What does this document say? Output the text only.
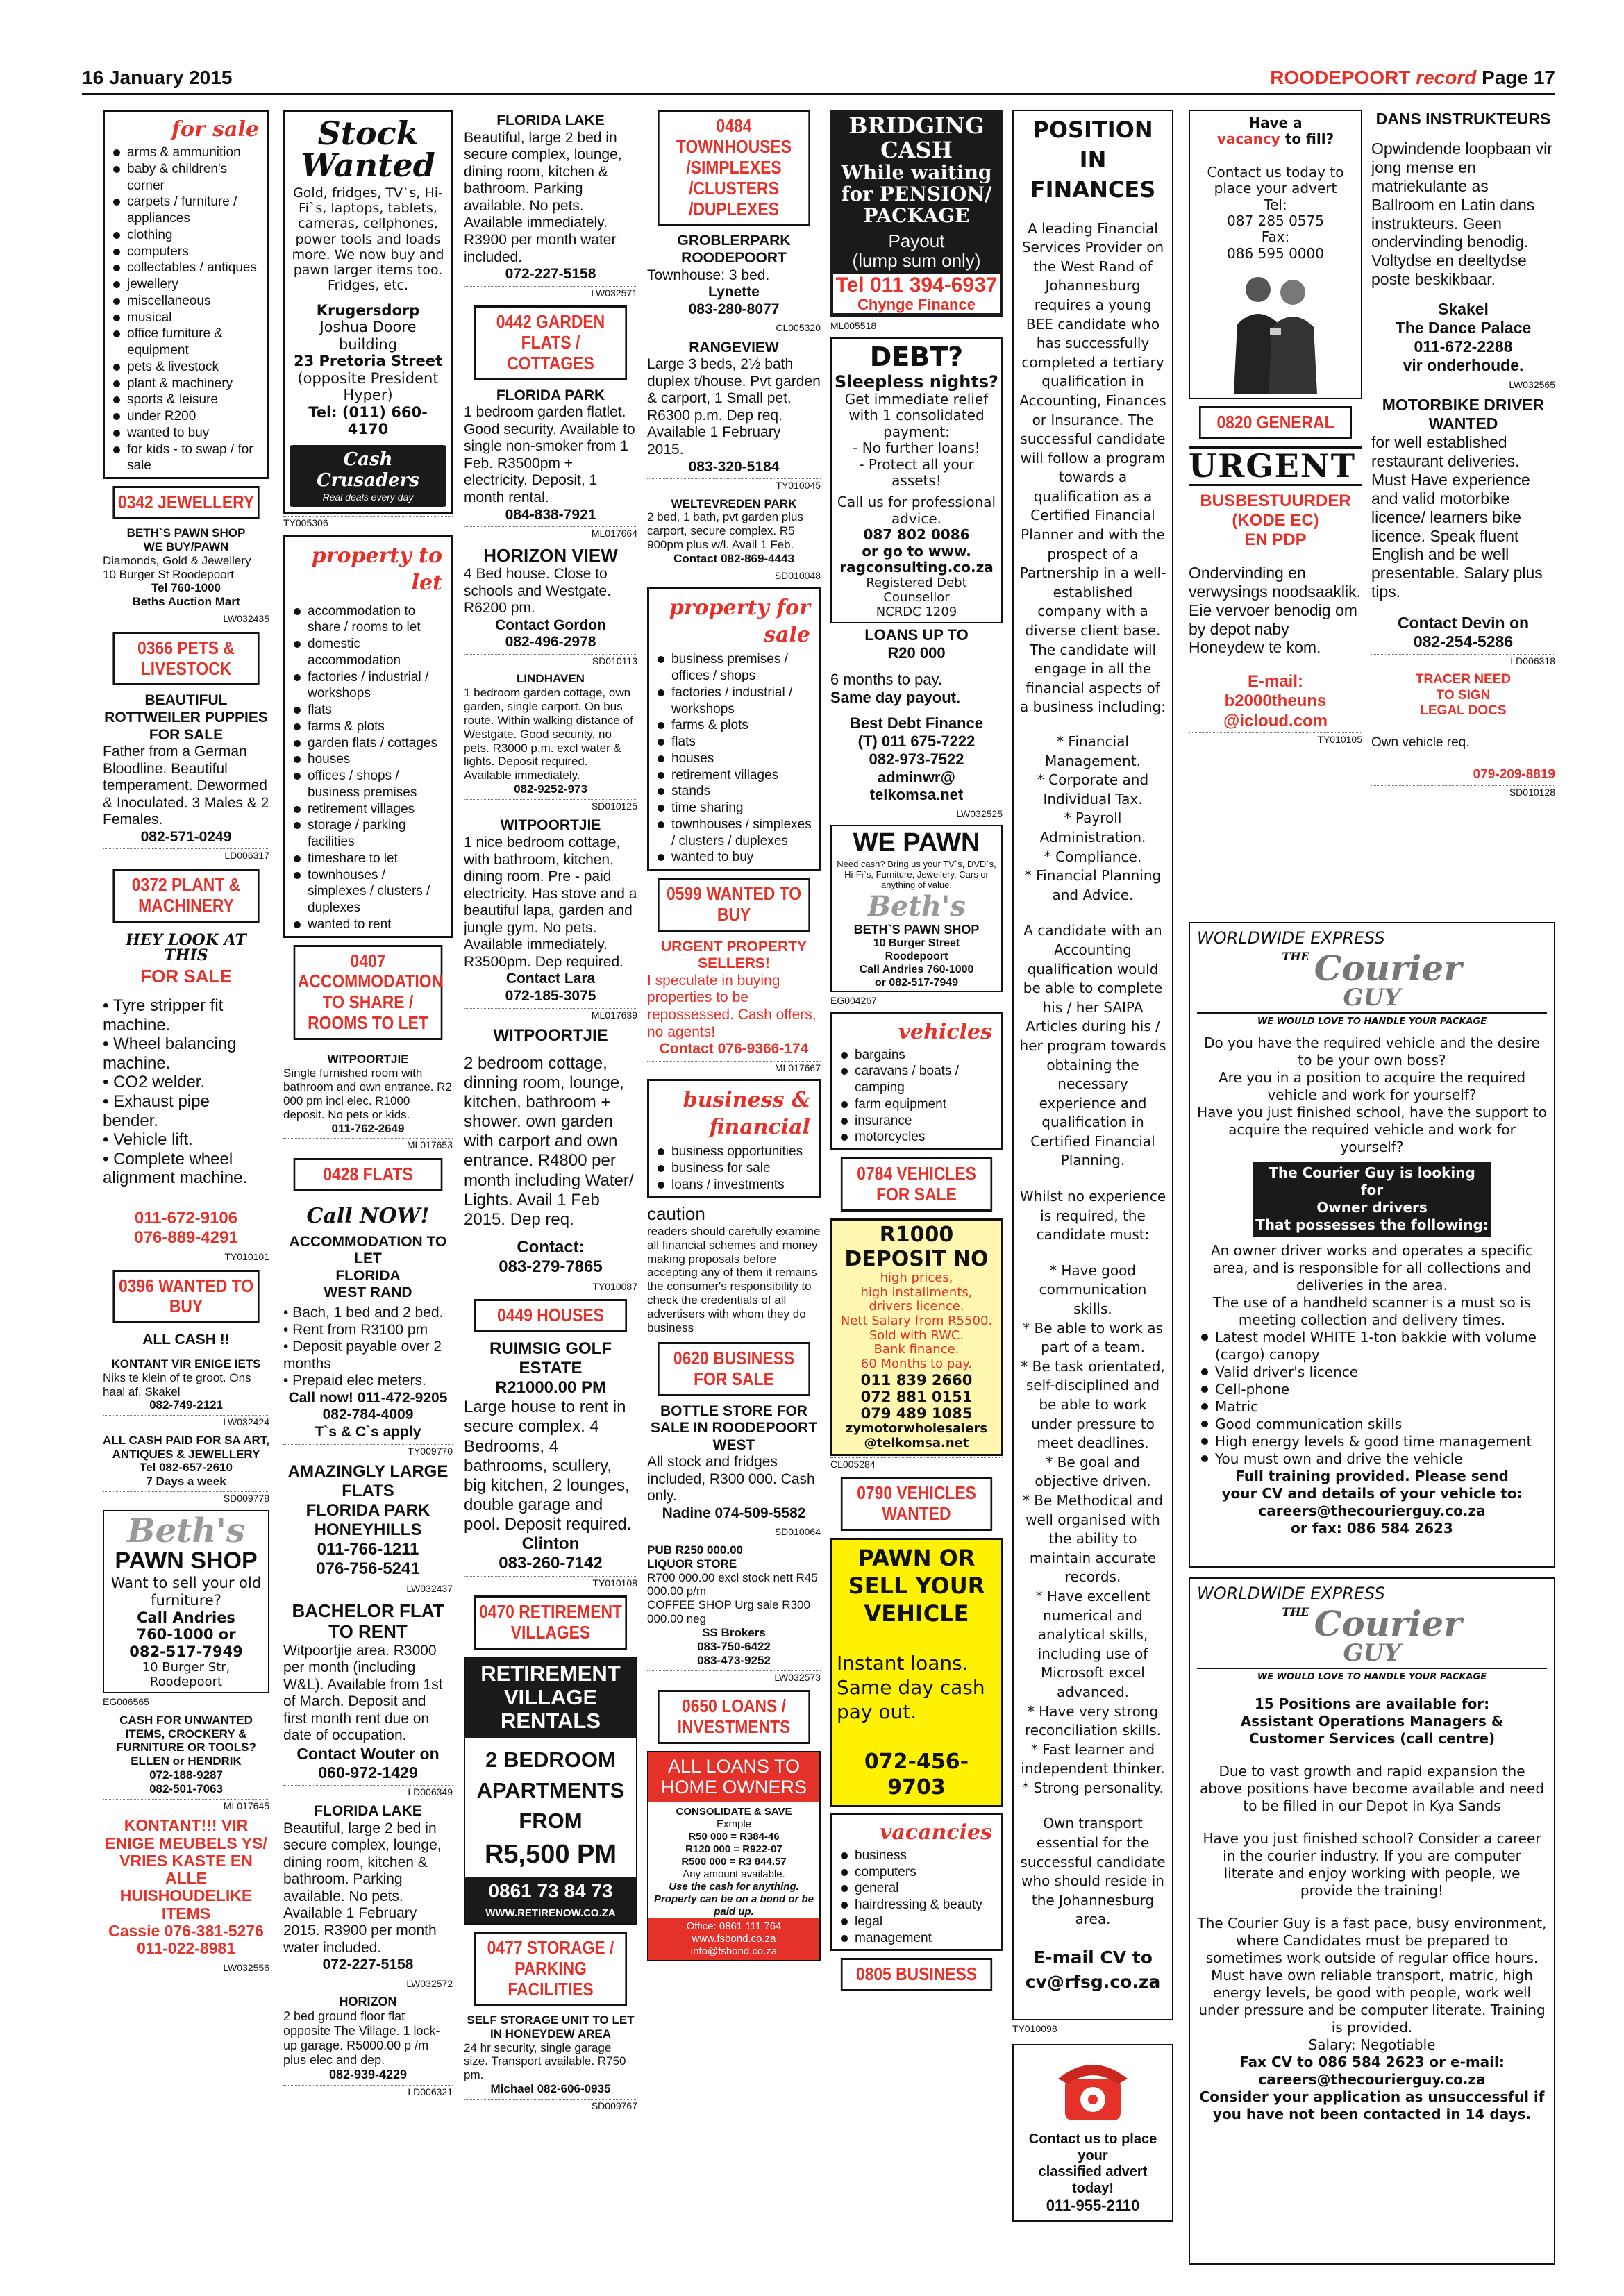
16 January 2015	ROODEPOORT record Page 17
for sale
arms & ammunition
baby & children's corner
carpets / furniture / appliances
clothing
computers
collectables / antiques
jewellery
miscellaneous
musical
office furniture & equipment
pets & livestock
plant & machinery
sports & leisure
under R200
wanted to buy
for kids - to swap / for sale
0342 JEWELLERY
BETH`S PAWN SHOP
WE BUY/PAWN
Diamonds, Gold & Jewellery
10 Burger St Roodepoort
Tel 760-1000
Beths Auction Mart
LW032435
0366 PETS & LIVESTOCK
BEAUTIFUL ROTTWEILER PUPPIES FOR SALE
Father from a German Bloodline. Beautiful temperament. Dewormed & Inoculated. 3 Males & 2 Females.
082-571-0249
LD006317
0372 PLANT & MACHINERY
HEY LOOK AT THIS
FOR SALE
• Tyre stripper fit machine.
• Wheel balancing machine.
• CO2 welder.
• Exhaust pipe bender.
• Vehicle lift.
• Complete wheel alignment machine.
011-672-9106
076-889-4291
TY010101
0396 WANTED TO BUY
ALL CASH !!
KONTANT VIR ENIGE IETS
Niks te klein of te groot. Ons haal af. Skakel
082-749-2121
LW032424
ALL CASH PAID FOR SA ART, ANTIQUES & JEWELLERY
Tel 082-657-2610
7 Days a week
SD009778
Beth's
PAWN SHOP
Want to sell your old furniture?
Call Andries
760-1000 or
082-517-7949
10 Burger Str, Roodepoort
EG006565
CASH FOR UNWANTED ITEMS, CROCKERY & FURNITURE OR TOOLS?
ELLEN or HENDRIK
072-188-9287
082-501-7063
ML017645
KONTANT!!! VIR ENIGE MEUBELS YS/ VRIES KASTE EN ALLE HUISHOUDELIKE ITEMS
Cassie 076-381-5276
011-022-8981
LW032556
Stock
Wanted
Gold, fridges, TV`s, Hi-Fi`s, laptops, tablets, cameras, cellphones, power tools and loads more. We now buy and pawn larger items too. Fridges, etc.
Krugersdorp
Joshua Doore building
23 Pretoria Street
(opposite President Hyper)
Tel: (011) 660-4170
Cash Crusaders
Real deals every day
TY005306
property to let
accommodation to share / rooms to let
domestic accommodation
factories / industrial / workshops
flats
farms & plots
garden flats / cottages
houses
offices / shops / business premises
retirement villages
storage / parking facilities
timeshare to let
townhouses / simplexes / clusters / duplexes
wanted to rent
0407 ACCOMMODATION TO SHARE / ROOMS TO LET
WITPOORTJIE
Single furnished room with bathroom and own entrance. R2 000 pm incl elec. R1000 deposit. No pets or kids.
011-762-2649
ML017653
0428 FLATS
Call NOW!
ACCOMMODATION TO LET
FLORIDA
WEST RAND
• Bach, 1 bed and 2 bed.
• Rent from R3100 pm
• Deposit payable over 2 months
• Prepaid elec meters.
Call now! 011-472-9205
082-784-4009
T`s & C`s apply
TY009770
AMAZINGLY LARGE FLATS
FLORIDA PARK
HONEYHILLS
011-766-1211
076-756-5241
LW032437
BACHELOR FLAT TO RENT
Witpoortjie area. R3000 per month (including W&L). Available from 1st of March. Deposit and first month rent due on date of occupation.
Contact Wouter on
060-972-1429
LD006349
FLORIDA LAKE
Beautiful, large 2 bed in secure complex, lounge, dining room, kitchen & bathroom. Parking available. No pets. Available 1 February 2015. R3900 per month water included.
072-227-5158
LW032572
HORIZON
2 bed ground floor flat opposite The Village. 1 lock-up garage. R5000.00 p /m plus elec and dep.
082-939-4229
LD006321
FLORIDA LAKE
Beautiful, large 2 bed in secure complex, lounge, dining room, kitchen & bathroom. Parking available. No pets. Available immediately. R3900 per month water included.
072-227-5158
LW032571
0442 GARDEN FLATS / COTTAGES
FLORIDA PARK
1 bedroom garden flatlet. Good security. Available to single non-smoker from 1 Feb. R3500pm + electricity. Deposit, 1 month rental.
084-838-7921
ML017664
HORIZON VIEW
4 Bed house. Close to schools and Westgate. R6200 pm.
Contact Gordon
082-496-2978
SD010113
LINDHAVEN
1 bedroom garden cottage, own garden, single carport. On bus route. Within walking distance of Westgate. Good security, no pets. R3000 p.m. excl water & lights. Deposit required. Available immediately.
082-9252-973
SD010125
WITPOORTJIE
1 nice bedroom cottage, with bathroom, kitchen, dining room. Pre - paid electricity. Has stove and a beautiful lapa, garden and jungle gym. No pets. Available immediately. R3500pm. Dep required.
Contact Lara
072-185-3075
ML017639
WITPOORTJIE
2 bedroom cottage, dinning room, lounge, kitchen, bathroom + shower. own garden with carport and own entrance. R4800 per month including Water/ Lights. Avail 1 Feb 2015. Dep req.
Contact:
083-279-7865
TY010087
0449 HOUSES
RUIMSIG GOLF ESTATE
R21000.00 PM
Large house to rent in secure complex. 4 Bedrooms, 4 bathrooms, scullery, big kitchen, 2 lounges, double garage and pool. Deposit required.
Clinton
083-260-7142
TY010108
0470 RETIREMENT VILLAGES
RETIREMENT VILLAGE RENTALS
2 BEDROOM
APARTMENTS
FROM
R5,500 PM
0861 73 84 73
WWW.RETIRENOW.CO.ZA
0477 STORAGE / PARKING FACILITIES
SELF STORAGE UNIT TO LET IN HONEYDEW AREA
24 hr security, single garage size. Transport available. R750 pm.
Michael 082-606-0935
SD009767
0484 TOWNHOUSES /SIMPLEXES /CLUSTERS /DUPLEXES
GROBLERPARK
ROODEPOORT
Townhouse: 3 bed.
Lynette
083-280-8077
CL005320
RANGEVIEW
Large 3 beds, 2½ bath duplex t/house. Pvt garden & carport, 1 Small pet. R6300 p.m. Dep req. Available 1 February 2015.
083-320-5184
TY010045
WELTEVREDEN PARK
2 bed, 1 bath, pvt garden plus carport, secure complex. R5 900pm plus w/l. Avail 1 Feb.
Contact 082-869-4443
SD010048
property for sale
business premises / offices / shops
factories / industrial / workshops
farms & plots
flats
houses
retirement villages
stands
time sharing
townhouses / simplexes / clusters / duplexes
wanted to buy
0599 WANTED TO BUY
URGENT PROPERTY SELLERS!
I speculate in buying properties to be repossessed. Cash offers, no agents!
Contact 076-9366-174
ML017667
business & financial
business opportunities
business for sale
loans / investments
caution
readers should carefully examine all financial schemes and money making proposals before accepting any of them it remains the consumer's responsibility to check the credentials of all advertisers with whom they do business
0620 BUSINESS FOR SALE
BOTTLE STORE FOR SALE IN ROODEPOORT WEST
All stock and fridges included, R300 000. Cash only.
Nadine 074-509-5582
SD010064
PUB R250 000.00
LIQUOR STORE
R700 000.00 excl stock nett R45 000.00 p/m
COFFEE SHOP Urg sale R300 000.00 neg
SS Brokers
083-750-6422
083-473-9252
LW032573
0650 LOANS / INVESTMENTS
ALL LOANS TO HOME OWNERS
CONSOLIDATE & SAVE
Exmple
R50 000 = R384-46
R120 000 = R922-07
R500 000 = R3 844.57
Any amount available.
Use the cash for anything.
Property can be on a bond or be paid up.
Office: 0861 111 764
www.fsbond.co.za
info@fsbond.co.za
BRIDGING CASH
While waiting for PENSION/ PACKAGE
Payout
(lump sum only)
Tel 011 394-6937
Chynge Finance
ML005518
DEBT?
Sleepless nights?
Get immediate relief with 1 consolidated payment:
- No further loans!
- Protect all your assets!
Call us for professional advice.
087 802 0086
or go to www.
ragconsulting.co.za
Registered Debt Counsellor
NCRDC 1209
LOANS UP TO
R20 000
6 months to pay.
Same day payout.
Best Debt Finance
(T) 011 675-7222
082-973-7522
adminwr@
telkomsa.net
LW032525
WE PAWN
Need cash? Bring us your TV`s, DVD`s, Hi-Fi`s, Furniture, Jewellery, Cars or anything of value.
Beth's
BETH`S PAWN SHOP
10 Burger Street
Roodepoort
Call Andries 760-1000
or 082-517-7949
EG004267
vehicles
bargains
caravans / boats / camping
farm equipment
insurance
motorcycles
0784 VEHICLES FOR SALE
R1000 DEPOSIT NO
high prices,
high installments,
drivers licence.
Nett Salary from R5500.
Sold with RWC.
Bank finance.
60 Months to pay.
011 839 2660
072 881 0151
079 489 1085
zymotorwholesalers
@telkomsa.net
CL005284
0790 VEHICLES WANTED
PAWN OR
SELL YOUR
VEHICLE
Instant loans.
Same day cash
pay out.
072-456-9703
vacancies
business
computers
general
hairdressing & beauty
legal
management
0805 BUSINESS
POSITION IN FINANCES
A leading Financial Services Provider on the West Rand of Johannesburg requires a young BEE candidate who has successfully completed a tertiary qualification in Accounting, Finances or Insurance. The successful candidate will follow a program towards a qualification as a Certified Financial Planner and with the prospect of a Partnership in a well-established company with a diverse client base. The candidate will engage in all the financial aspects of a business including:
* Financial Management.
* Corporate and Individual Tax.
* Payroll Administration.
* Compliance.
* Financial Planning and Advice.
A candidate with an Accounting qualification would be able to complete his / her SAIPA Articles during his / her program towards obtaining the necessary experience and qualification in Certified Financial Planning.
Whilst no experience is required, the candidate must:
* Have good communication skills.
* Be able to work as part of a team.
* Be task orientated, self-disciplined and be able to work under pressure to meet deadlines.
* Be goal and objective driven.
* Be Methodical and well organised with the ability to maintain accurate records.
* Have excellent numerical and analytical skills, including use of Microsoft excel advanced.
* Have very strong reconciliation skills.
* Fast learner and independent thinker.
* Strong personality.
Own transport essential for the successful candidate who should reside in the Johannesburg area.
E-mail CV to cv@rfsg.co.za
TY010098
Contact us to place your
classified advert today!
011-955-2110
Have a
vacancy to fill?
Contact us today to place your advert
Tel:
087 285 0575
Fax:
086 595 0000
0820 GENERAL
URGENT
BUSBESTUURDER
(KODE EC)
EN PDP
Ondervinding en verwysings noodsaaklik. Eie vervoer benodig om by depot naby Honeydew te kom.
E-mail:
b2000theuns
@icloud.com
TY010105
DANS INSTRUKTEURS
Opwindende loopbaan vir jong mense en matriekulante as Ballroom en Latin dans instrukteurs. Geen ondervinding benodig. Voltydse en deeltydse poste beskikbaar.
Skakel
The Dance Palace
011-672-2288
vir onderhoude.
LW032565
MOTORBIKE DRIVER WANTED
for well established restaurant deliveries. Must Have experience and valid motorbike licence/ learners bike licence. Speak fluent English and be well presentable. Salary plus tips.
Contact Devin on
082-254-5286
LD006318
TRACER NEED
TO SIGN
LEGAL DOCS
Own vehicle req.
079-209-8819
SD010128
WORLDWIDE EXPRESS
$^{THE}$ Courier
GUY
WE WOULD LOVE TO HANDLE YOUR PACKAGE
Do you have the required vehicle and the desire to be your own boss?
Are you in a position to acquire the required vehicle and work for yourself?
Have you just finished school, have the support to acquire the required vehicle and work for yourself?
The Courier Guy is looking for
Owner drivers
That possesses the following:
An owner driver works and operates a specific area, and is responsible for all collections and deliveries in the area.
The use of a handheld scanner is a must so is meeting collection and delivery times.
Latest model WHITE 1-ton bakkie with volume (cargo) canopy
Valid driver's licence
Cell-phone
Matric
Good communication skills
High energy levels & good time management
You must own and drive the vehicle
Full training provided. Please send
your CV and details of your vehicle to:
careers@thecourierguy.co.za
or fax: 086 584 2623
WORLDWIDE EXPRESS
$^{THE}$ Courier
GUY
WE WOULD LOVE TO HANDLE YOUR PACKAGE
15 Positions are available for:
Assistant Operations Managers &
Customer Services (call centre)
Due to vast growth and rapid expansion the above positions have become available and need to be filled in our Depot in Kya Sands
Have you just finished school? Consider a career in the courier industry. If you are computer literate and enjoy working with people, we provide the training!
The Courier Guy is a fast pace, busy environment, where Candidates must be prepared to sometimes work outside of regular office hours. Must have own reliable transport, matric, high energy levels, be good with people, work well under pressure and be computer literate. Training is provided.
Salary: Negotiable
Fax CV to 086 584 2623 or e-mail:
careers@thecourierguy.co.za
Consider your application as unsuccessful if
you have not been contacted in 14 days.
